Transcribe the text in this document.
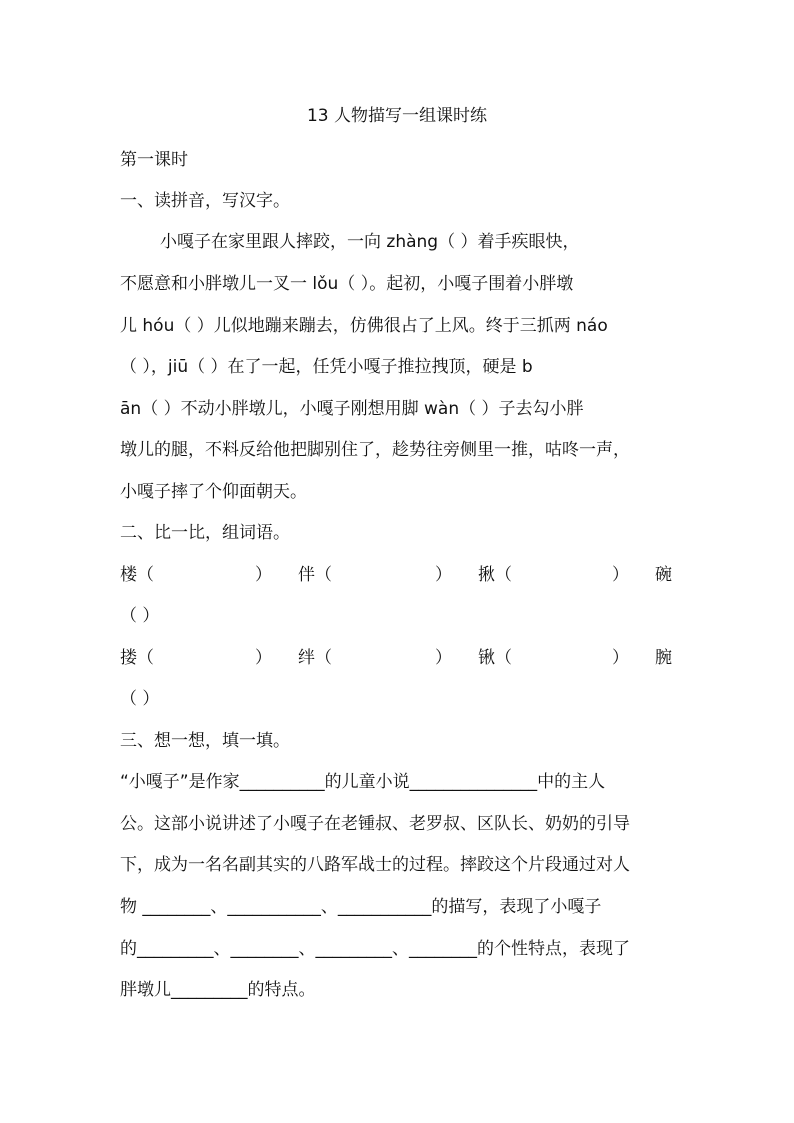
13 人物描写一组课时练
第一课时
一、读拼音，写汉字。
小嘎子在家里跟人摔跤，一向 zhàng（ ）着手疾眼快，
不愿意和小胖墩儿一叉一 lǒu（ ）。起初，小嘎子围着小胖墩
儿 hóu（ ）儿似地蹦来蹦去，仿佛很占了上风。终于三抓两 náo
（ ），jiū（ ）在了一起，任凭小嘎子推拉拽顶，硬是 b
ān（ ）不动小胖墩儿，小嘎子刚想用脚 wàn（ ）子去勾小胖
墩儿的腿，不料反给他把脚别住了，趁势往旁侧里一推，咕咚一声，
小嘎子摔了个仰面朝天。
二、比一比，组词语。
楼（	） 伴（	） 揪（	） 碗
（ ）
搂（	） 绊（	） 锹（	） 腕
（ ）
三、想一想，填一填。
“小嘎子”是作家__________的儿童小说_______________中的主人
公。这部小说讲述了小嘎子在老锺叔、老罗叔、区队长、奶奶的引导
下，成为一名名副其实的八路军战士的过程。摔跤这个片段通过对人
物 ________、___________、___________的描写，表现了小嘎子
的_________、________、_________、________的个性特点，表现了
胖墩儿_________的特点。
